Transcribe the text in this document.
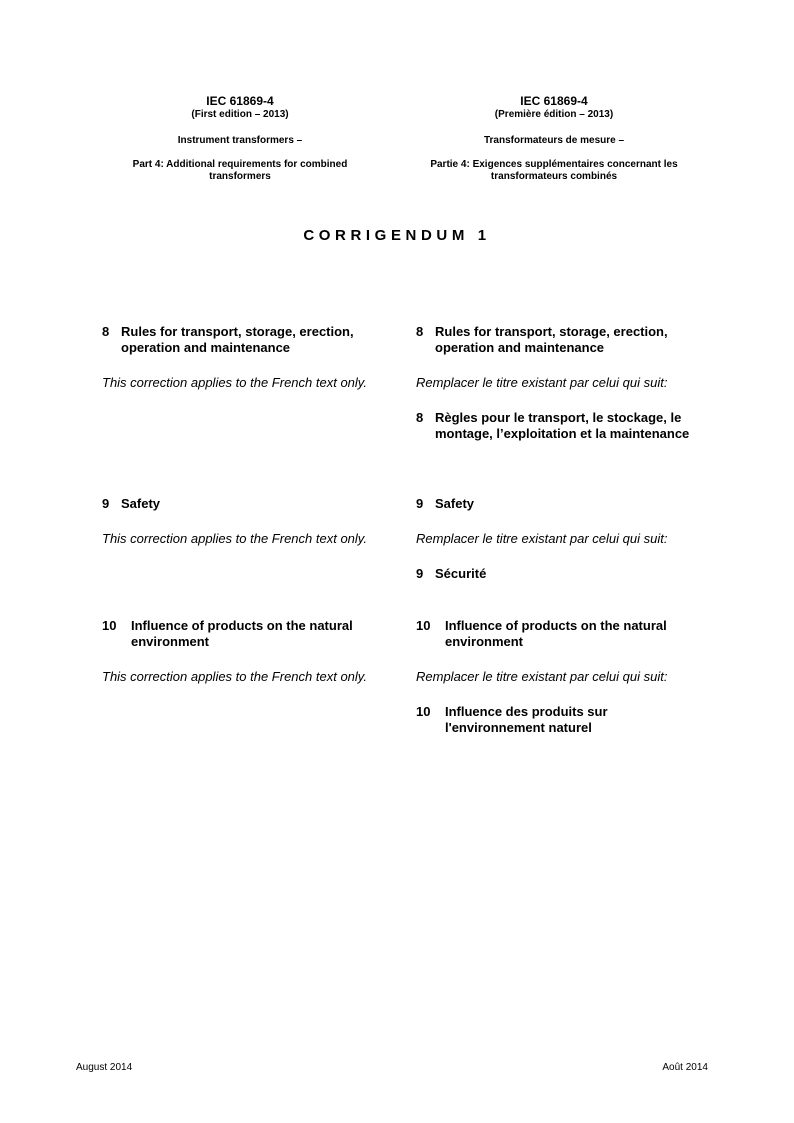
IEC 61869-4
(First edition – 2013)
Instrument transformers –
Part 4: Additional requirements for combined transformers
IEC 61869-4
(Première édition – 2013)
Transformateurs de mesure –
Partie 4: Exigences supplémentaires concernant les transformateurs combinés
CORRIGENDUM 1
8 Rules for transport, storage, erection, operation and maintenance
This correction applies to the French text only.
8 Rules for transport, storage, erection, operation and maintenance
Remplacer le titre existant par celui qui suit:
8 Règles pour le transport, le stockage, le montage, l’exploitation et la maintenance
9 Safety
This correction applies to the French text only.
9 Safety
Remplacer le titre existant par celui qui suit:
9 Sécurité
10	Influence of products on the natural environment
This correction applies to the French text only.
10	Influence of products on the natural environment
Remplacer le titre existant par celui qui suit:
10	Influence des produits sur l'environnement naturel
August 2014	Août 2014
